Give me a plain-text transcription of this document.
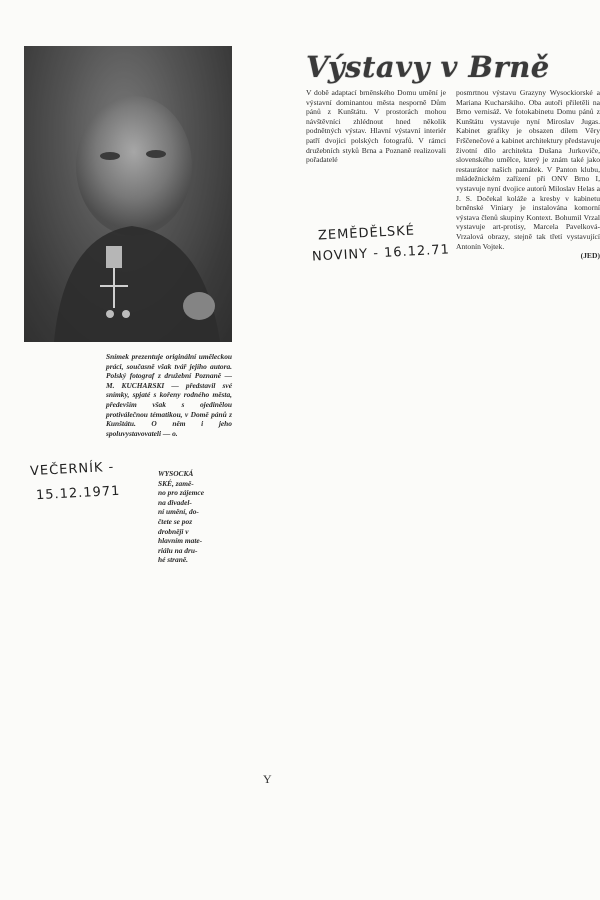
Snímek prezentuje originální uměleckou práci, současně však tvář jejího autora. Polský fotograf z družební Poznaně — M. KUCHARSKI — představil své snímky, spjaté s kořeny rodného města, především však s ojedinělou protiválečnou tématikou, v Domě pánů z Kunštátu. O něm i jeho spoluvystavovateli — o.

WYSOCKÁ
SKÉ, zamě-
no pro zájemce
na divadel-
ní umění, do-
čtete se poz
drobněji v
hlavním mate-
riálu na dru-
hé straně.
VEČERNÍK -
15.12.1971
Výstavy v Brně

V době adaptací brněnského Domu umění je výstavní dominantou města nesporně Dům pánů z Kunštátu. V prostorách mohou návštěvníci zhlédnout hned několik podnětných výstav. Hlavní výstavní interiér patří dvojici polských fotografů. V rámci družebních styků Brna a Poznaně realizovali pořadatelé

posmrtnou výstavu Grazyny Wysockiorské a Mariana Kucharskiho. Oba autoři přiletěli na Brno vernisáž. Ve fotokabinetu Domu pánů z Kunštátu vystavuje nyní Miroslav Jugas. Kabinet grafiky je obsazen dílem Věry Frščenečové a kabinet architektury představuje životní dílo architekta Dušana Jurkoviče, slovenského umělce, který je znám také jako restaurátor našich památek. V Panton klubu, mládežnickém zařízení při ONV Brno I, vystavuje nyní dvojice autorů Miloslav Helas a J. S. Dočekal koláže a kresby v kabinetu brněnské Viniary je instalována komorní výstava členů skupiny Kontext. Bohumil Vrzal vystavuje art-protisy, Marcela Pavelková-Vrzalová obrazy, stejně tak třetí vystavující Antonín Vojtek.
(JED)

ZEMĚDĚLSKÉ
NOVINY - 16.12.71
Y
